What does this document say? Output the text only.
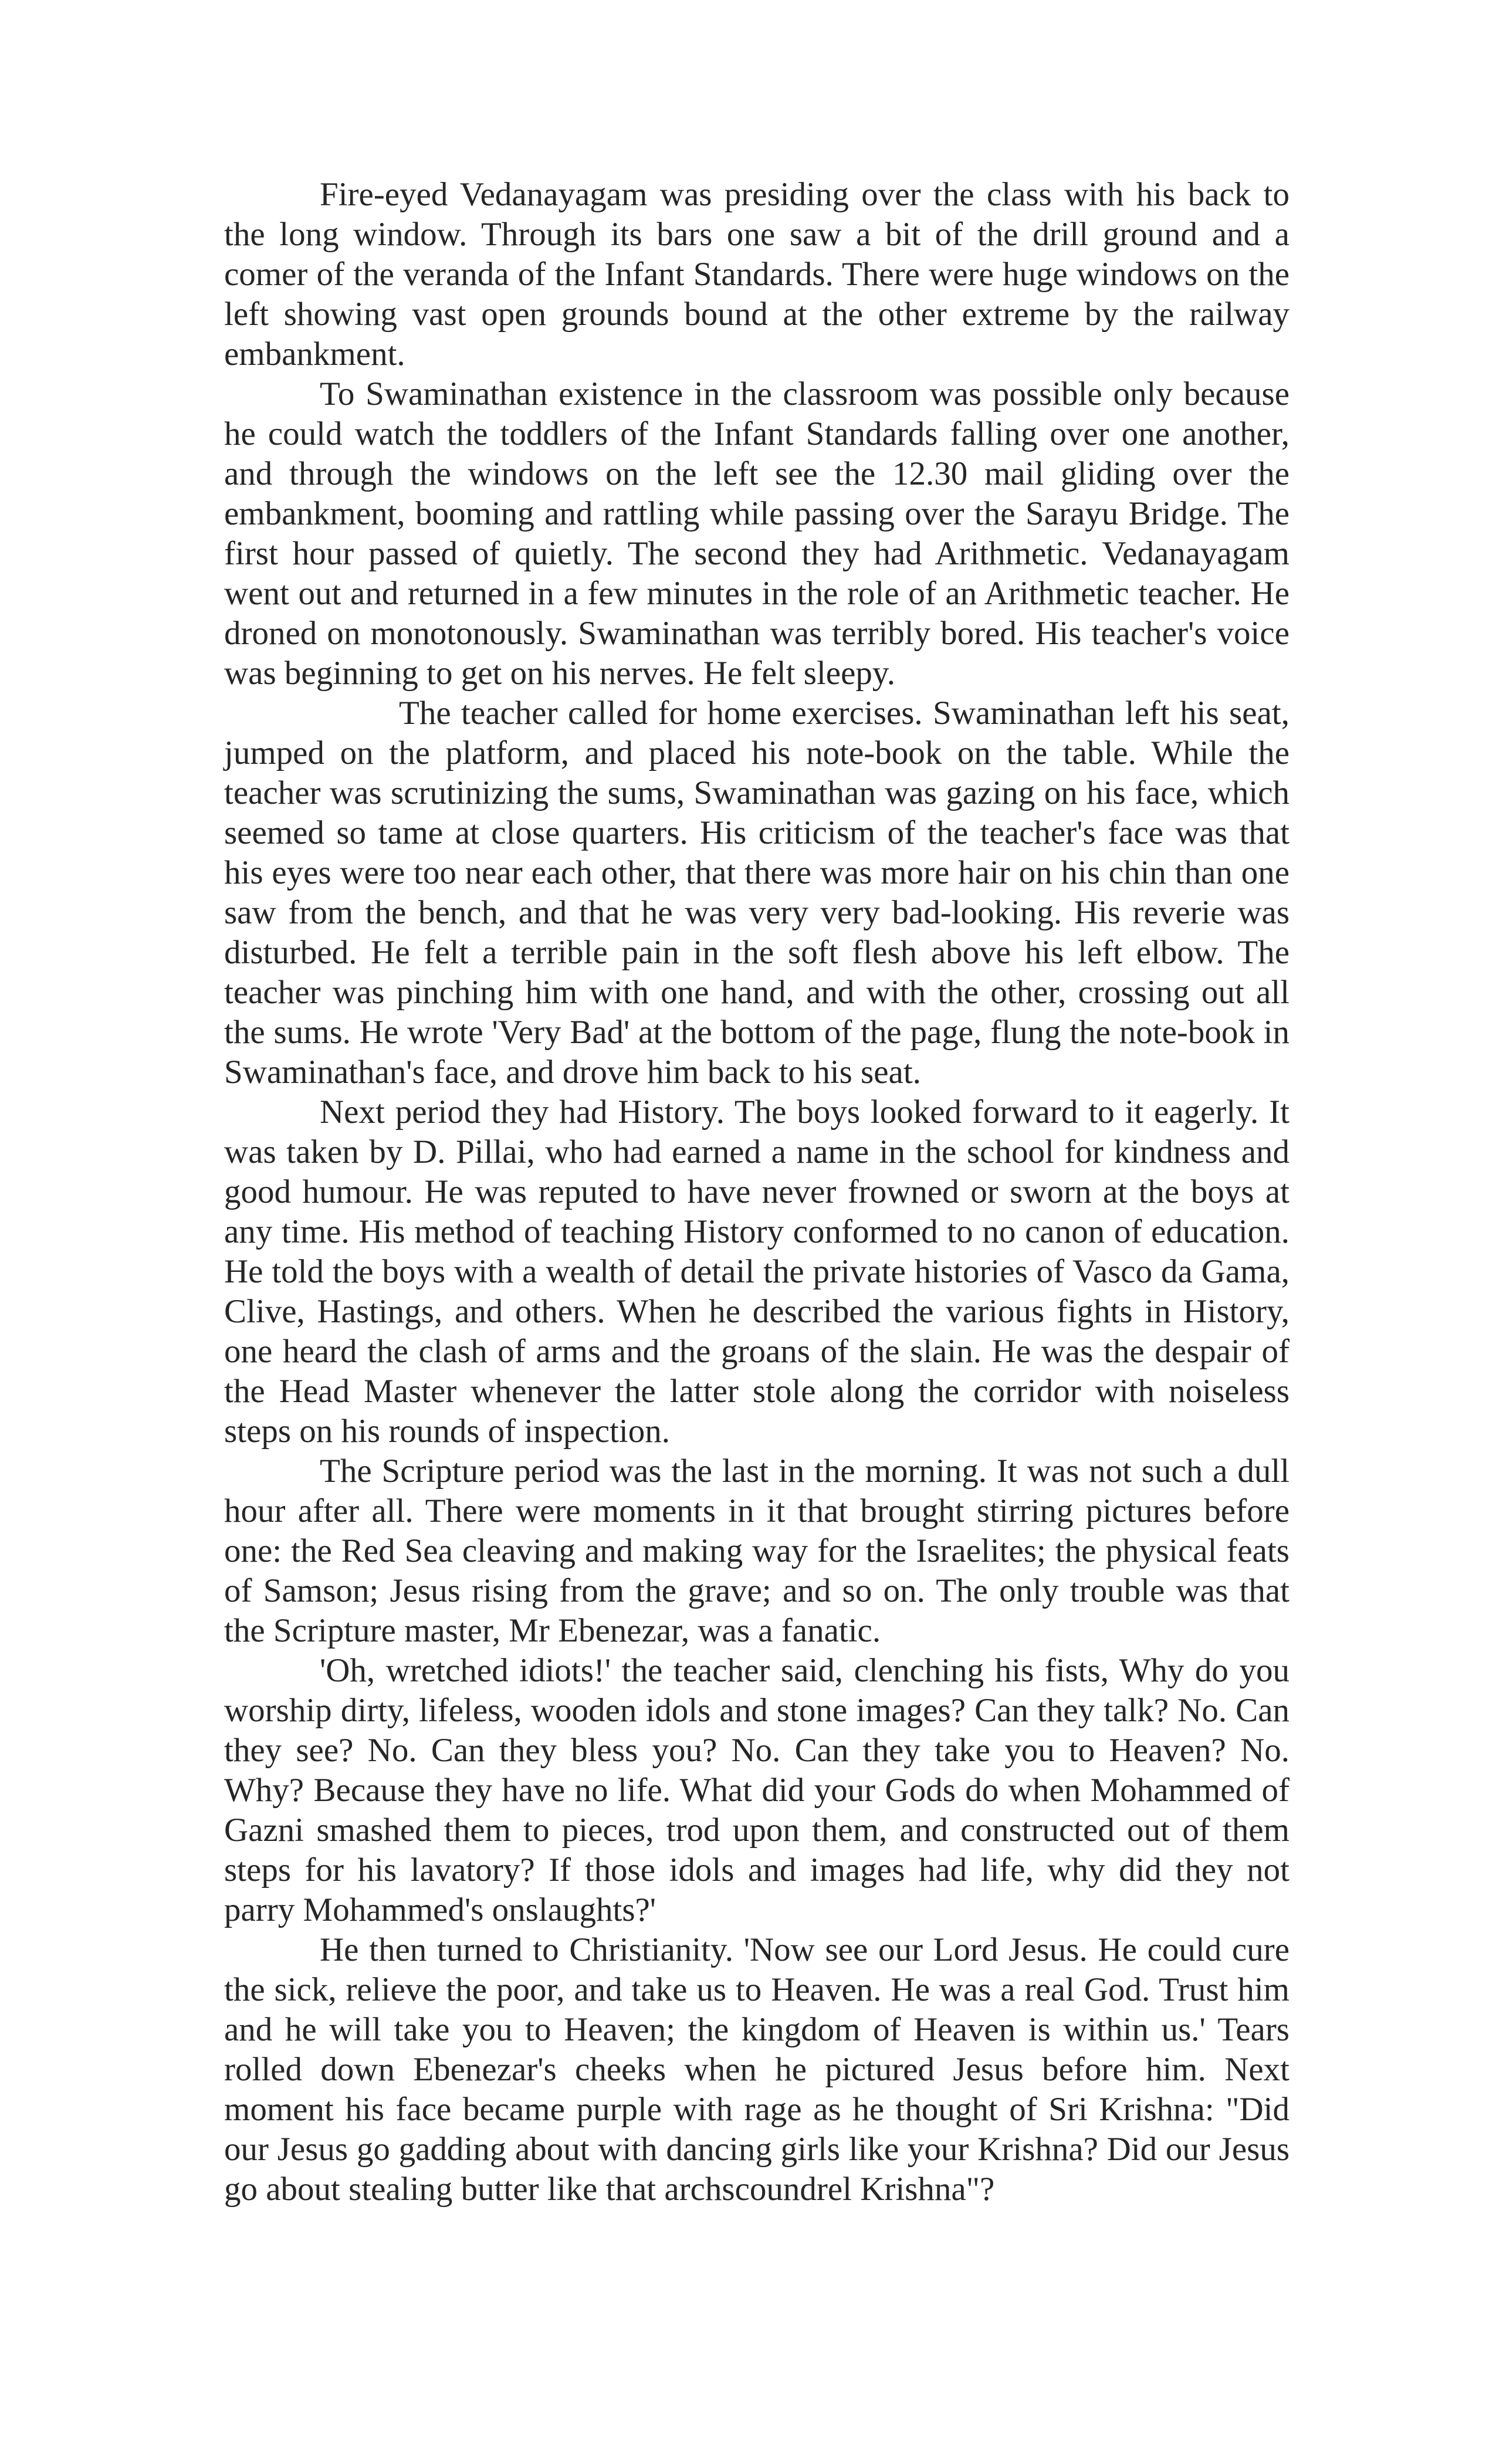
Fire-eyed Vedanayagam was presiding over the class with his back to the long window. Through its bars one saw a bit of the drill ground and a comer of the veranda of the Infant Standards. There were huge windows on the left showing vast open grounds bound at the other extreme by the railway embankment.

To Swaminathan existence in the classroom was possible only because he could watch the toddlers of the Infant Standards falling over one another, and through the windows on the left see the 12.30 mail gliding over the embankment, booming and rattling while passing over the Sarayu Bridge. The first hour passed of quietly. The second they had Arithmetic. Vedanayagam went out and returned in a few minutes in the role of an Arithmetic teacher. He droned on monotonously. Swaminathan was terribly bored. His teacher's voice was beginning to get on his nerves. He felt sleepy.

The teacher called for home exercises. Swaminathan left his seat, jumped on the platform, and placed his note-book on the table. While the teacher was scrutinizing the sums, Swaminathan was gazing on his face, which seemed so tame at close quarters. His criticism of the teacher's face was that his eyes were too near each other, that there was more hair on his chin than one saw from the bench, and that he was very very bad-looking. His reverie was disturbed. He felt a terrible pain in the soft flesh above his left elbow. The teacher was pinching him with one hand, and with the other, crossing out all the sums. He wrote 'Very Bad' at the bottom of the page, flung the note-book in Swaminathan's face, and drove him back to his seat.

Next period they had History. The boys looked forward to it eagerly. It was taken by D. Pillai, who had earned a name in the school for kindness and good humour. He was reputed to have never frowned or sworn at the boys at any time. His method of teaching History conformed to no canon of education. He told the boys with a wealth of detail the private histories of Vasco da Gama, Clive, Hastings, and others. When he described the various fights in History, one heard the clash of arms and the groans of the slain. He was the despair of the Head Master whenever the latter stole along the corridor with noiseless steps on his rounds of inspection.

The Scripture period was the last in the morning. It was not such a dull hour after all. There were moments in it that brought stirring pictures before one: the Red Sea cleaving and making way for the Israelites; the physical feats of Samson; Jesus rising from the grave; and so on. The only trouble was that the Scripture master, Mr Ebenezar, was a fanatic.

'Oh, wretched idiots!' the teacher said, clenching his fists, Why do you worship dirty, lifeless, wooden idols and stone images? Can they talk? No. Can they see? No. Can they bless you? No. Can they take you to Heaven? No. Why? Because they have no life. What did your Gods do when Mohammed of Gazni smashed them to pieces, trod upon them, and constructed out of them steps for his lavatory? If those idols and images had life, why did they not parry Mohammed's onslaughts?'

He then turned to Christianity. 'Now see our Lord Jesus. He could cure the sick, relieve the poor, and take us to Heaven. He was a real God. Trust him and he will take you to Heaven; the kingdom of Heaven is within us.' Tears rolled down Ebenezar's cheeks when he pictured Jesus before him. Next moment his face became purple with rage as he thought of Sri Krishna: "Did our Jesus go gadding about with dancing girls like your Krishna? Did our Jesus go about stealing butter like that archscoundrel Krishna"?
